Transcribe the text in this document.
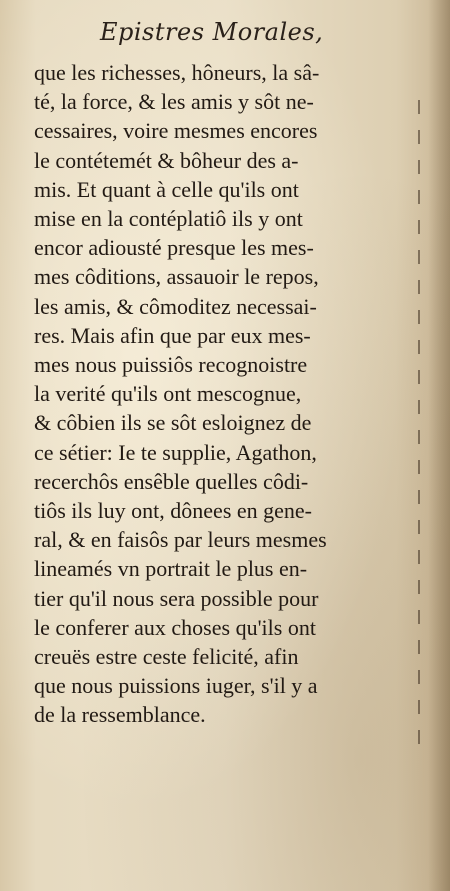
Epistres Morales,
que les richesses, hôneurs, la sâ-
té, la force, & les amis y sôt ne-
cessaires, voire mesmes encores
le contétemét & bôheur des a-
mis. Et quant à celle qu'ils ont
mise en la contéplatiô ils y ont
encor adiousté presque les mes-
mes côditions, assauoir le repos,
les amis, & cômoditez necessai-
res. Mais afin que par eux mes-
mes nous puissiôs recognoistre
la verité qu'ils ont mescognue,
& côbien ils se sôt esloignez de
ce sétier: Ie te supplie, Agathon,
recerchôs ensêble quelles côdi-
tiôs ils luy ont, dônees en gene-
ral, & en faisôs par leurs mesmes
lineamés vn portrait le plus en-
tier qu'il nous sera possible pour
le conferer aux choses qu'ils ont
creuës estre ceste felicité, afin
que nous puissions iuger, s'il y a
de la ressemblance.
